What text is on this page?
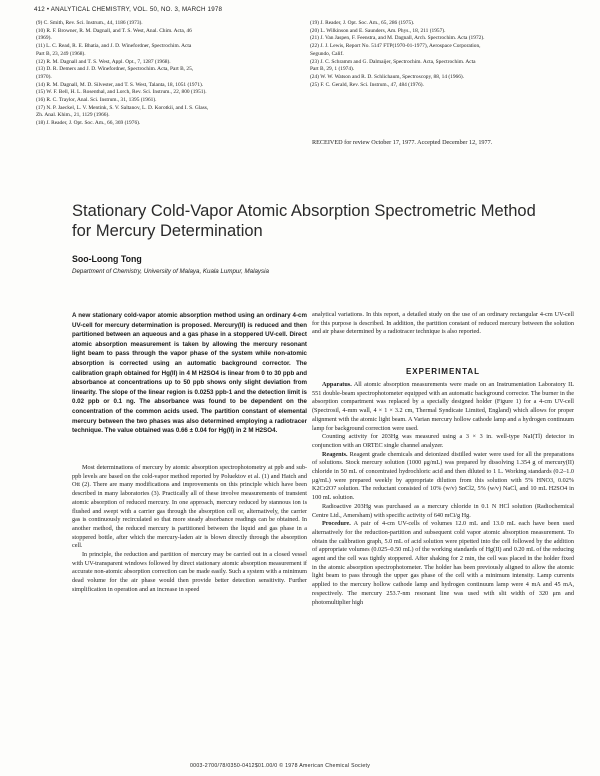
412 • ANALYTICAL CHEMISTRY, VOL. 50, NO. 3, MARCH 1978
(9) C. Smith, Rev. Sci. Instrum., 44, 1186 (1973).
(10) R. F. Browner, R. M. Dagnall, and T. S. West, Anal. Chim. Acta, 46
(1969).
(11) L. C. Read, R. E. Bhatia, and J. D. Winefordner, Spectrochim. Acta
Part B, 23, 249 (1968).
(12) R. M. Dagnall and T. S. West, Appl. Opt., 7, 1287 (1968).
(13) D. R. Demers and J. D. Winefordner, Spectrochim. Acta, Part B, 25,
(1970).
(14) R. M. Dagnall, M. D. Silvester, and T. S. West, Talanta, 18, 1051 (1971).
(15) W. F. Bell, H. L. Rosenthal, and Lorch, Rev. Sci. Instrum., 22, 800 (1951).
(16) R. C. Traylor, Anal. Sci. Instrum., 31, 1395 (1961).
(17) N. P. Jaeckel, L. V. Mentink, S. V. Saltanov, L. D. Korotkii, and I. S. Glass,
Zh. Anal. Khim., 21, 1129 (1966).
(18) J. Reader, J. Opt. Soc. Am., 66, 369 (1976).
(19) J. Reader, J. Opt. Soc. Am., 65, 286 (1975).
(20) L. Wilkinson and E. Saunders, Am. Phys., 18, 211 (1957).
(21) J. Van Jaspen, F. Feenstra, and M. Dagnall, Arch. Spectrochim. Acta (1972).
(22) J. J. Lewis, Report No. 5147 FTP(1970-01-1977), Aerospace Corporation,
Segundo, Calif.
(23) J. C. Schramm and G. Dalmaijer, Spectrochim. Acta, Spectrochim. Acta
Part B, 29, 1 (1974).
(24) W. W. Watson and R. D. Schlichaum, Spectroscopy, 88, 14 (1966).
(25) F. C. Gerald, Rev. Sci. Instrum., 47, 484 (1976).
RECEIVED for review October 17, 1977. Accepted December 12, 1977.
Stationary Cold-Vapor Atomic Absorption Spectrometric Method for Mercury Determination
Soo-Loong Tong
Department of Chemistry, University of Malaya, Kuala Lumpur, Malaysia
A new stationary cold-vapor atomic absorption method using an ordinary 4-cm UV-cell for mercury determination is proposed. Mercury(II) is reduced and then partitioned between an aqueous and a gas phase in a stoppered UV-cell. Direct atomic absorption measurement is taken by allowing the mercury resonant light beam to pass through the vapor phase of the system while non-atomic absorption is corrected using an automatic background corrector. The calibration graph obtained for Hg(II) in 4 M H2SO4 is linear from 0 to 30 ppb and absorbance at concentrations up to 50 ppb shows only slight deviation from linearity. The slope of the linear region is 0.0253 ppb-1 and the detection limit is 0.02 ppb or 0.1 ng. The absorbance was found to be dependent on the concentration of the common acids used. The partition constant of elemental mercury between the two phases was also determined employing a radiotracer technique. The value obtained was 0.66 ± 0.04 for Hg(II) in 2 M H2SO4.

Most determinations of mercury by atomic absorption spectrophotometry at ppb and sub-ppb levels are based on the cold-vapor method reported by Poluektov et al. (1) and Hatch and Ott (2). There are many modifications and improvements on this principle which have been described in many laboratories (3). Practically all of these involve measurements of transient atomic absorption of reduced mercury. In one approach, mercury reduced by stannous ion is flushed and swept with a carrier gas through the absorption cell or, alternatively, the carrier gas is continuously recirculated so that more steady absorbance readings can be obtained. In another method, the reduced mercury is partitioned between the liquid and gas phase in a stoppered bottle, after which the mercury-laden air is blown directly through the absorption cell.

In principle, the reduction and partition of mercury may be carried out in a closed vessel with UV-transparent windows followed by direct stationary atomic absorption measurement if accurate non-atomic absorption correction can be made easily. Such a system with a minimum dead volume for the air phase would then provide better detection sensitivity. Further simplification in operation and an increase in speed

analytical variations. In this report, a detailed study on the use of an ordinary rectangular 4-cm UV-cell for this purpose is described. In addition, the partition constant of reduced mercury between the solution and air phase determined by a radiotracer technique is also reported.

EXPERIMENTAL

Apparatus. All atomic absorption measurements were made on an Instrumentation Laboratory IL 551 double-beam spectrophotometer equipped with an automatic background corrector. The burner in the absorption compartment was replaced by a specially designed holder (Figure 1) for a 4-cm UV-cell (Spectrosil, 4-mm wall, 4 × 1 × 3.2 cm, Thermal Syndicate Limited, England) which allows for proper alignment with the atomic light beam. A Varian mercury hollow cathode lamp and a hydrogen continuum lamp for background correction were used.

Counting activity for 203Hg was measured using a 3 × 3 in. well-type NaI(Tl) detector in conjunction with an ORTEC single channel analyzer.

Reagents. Reagent grade chemicals and deionized distilled water were used for all the preparations of solutions. Stock mercury solution (1000 μg/mL) was prepared by dissolving 1.354 g of mercury(II) chloride in 50 mL of concentrated hydrochloric acid and then diluted to 1 L. Working standards (0.2–1.0 μg/mL) were prepared weekly by appropriate dilution from this solution with 5% HNO3, 0.02% K2Cr2O7 solution. The reductant consisted of 10% (w/v) SnCl2, 5% (w/v) NaCl, and 10 mL H2SO4 in 100 mL solution.

Radioactive 203Hg was purchased as a mercury chloride in 0.1 N HCl solution (Radiochemical Centre Ltd., Amersham) with specific activity of 640 mCi/g Hg.

Procedure. A pair of 4-cm UV-cells of volumes 12.0 mL and 13.0 mL each have been used alternatively for the reduction-partition and subsequent cold vapor atomic absorption measurement. To obtain the calibration graph, 5.0 mL of acid solution were pipetted into the cell followed by the addition of appropriate volumes (0.025–0.50 mL) of the working standards of Hg(II) and 0.20 mL of the reducing agent and the cell was tightly stoppered. After shaking for 2 min, the cell was placed in the holder fixed in the atomic absorption spectrophotometer. The holder has been previously aligned to allow the atomic light beam to pass through the upper gas phase of the cell with a minimum intensity. Lamp currents applied to the mercury hollow cathode lamp and hydrogen continuum lamp were 4 mA and 45 mA, respectively. The mercury 253.7-nm resonant line was used with slit width of 320 μm and photomultiplier high

0003-2700/78/0350-0412$01.00/0 © 1978 American Chemical Society
